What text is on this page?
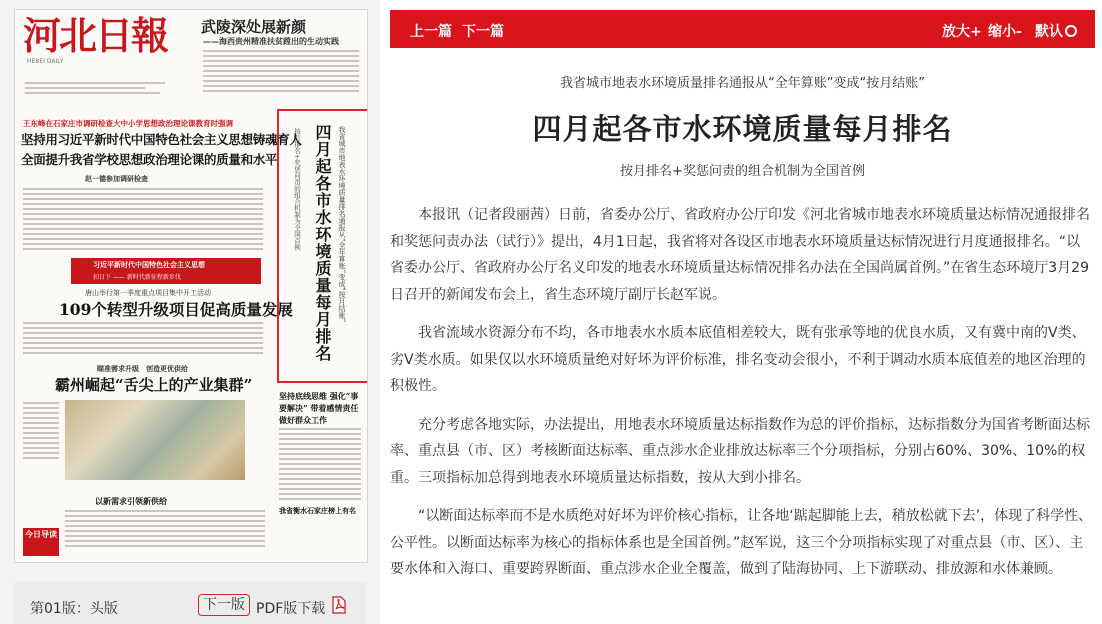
河北日報
HEBEI DAILY
武陵深处展新颜
——海西贵州精准扶贫蹚出的生动实践
王东峰在石家庄市调研检查大中小学思想政治理论课教育时强调
坚持用习近平新时代中国特色社会主义思想铸魂育人
全面提升我省学校思想政治理论课的质量和水平
赵一德参加调研检查
习近平新时代中国特色社会主义思想
扣日下 —— 新时代新征程新步伐
唐山举行第一季度重点项目集中开工活动
109个转型升级项目促高质量发展
瞄准需求升级　创造更优供给
霸州崛起“舌尖上的产业集群”
以新需求引领新供给
今日导读
我省城市地表水环境质量排名通报从“全年算账”变成“按月结账”
四月起各市水环境质量每月排名
按月排名+奖惩问责的组合机制为全国首例
坚持底线思维 强化“事要解决” 带着感情责任做好群众工作
我省衡水石家庄榜上有名
第01版：头版	下一版 PDF版下载
上一篇 下一篇	放大+ 缩小- 默认
我省城市地表水环境质量排名通报从“全年算账”变成“按月结账”
四月起各市水环境质量每月排名
按月排名+奖惩问责的组合机制为全国首例

本报讯（记者段丽茜）日前，省委办公厅、省政府办公厅印发《河北省城市地表水环境质量达标情况通报排名和奖惩问责办法（试行）》提出，4月1日起，我省将对各设区市地表水环境质量达标情况进行月度通报排名。“以省委办公厅、省政府办公厅名义印发的地表水环境质量达标情况排名办法在全国尚属首例。”在省生态环境厅3月29日召开的新闻发布会上，省生态环境厅副厅长赵军说。

我省流域水资源分布不均，各市地表水水质本底值相差较大，既有张承等地的优良水质，又有冀中南的Ⅴ类、劣Ⅴ类水质。如果仅以水环境质量绝对好坏为评价标准，排名变动会很小，不利于调动水质本底值差的地区治理的积极性。

充分考虑各地实际，办法提出，用地表水环境质量达标指数作为总的评价指标，达标指数分为国省考断面达标率、重点县（市、区）考核断面达标率、重点涉水企业排放达标率三个分项指标，分别占60%、30%、10%的权重。三项指标加总得到地表水环境质量达标指数，按从大到小排名。

“以断面达标率而不是水质绝对好坏为评价核心指标，让各地‘踮起脚能上去，稍放松就下去’，体现了科学性、公平性。以断面达标率为核心的指标体系也是全国首例。”赵军说，这三个分项指标实现了对重点县（市、区）、主要水体和入海口、重要跨界断面、重点涉水企业全覆盖，做到了陆海协同、上下游联动、排放源和水体兼顾。
